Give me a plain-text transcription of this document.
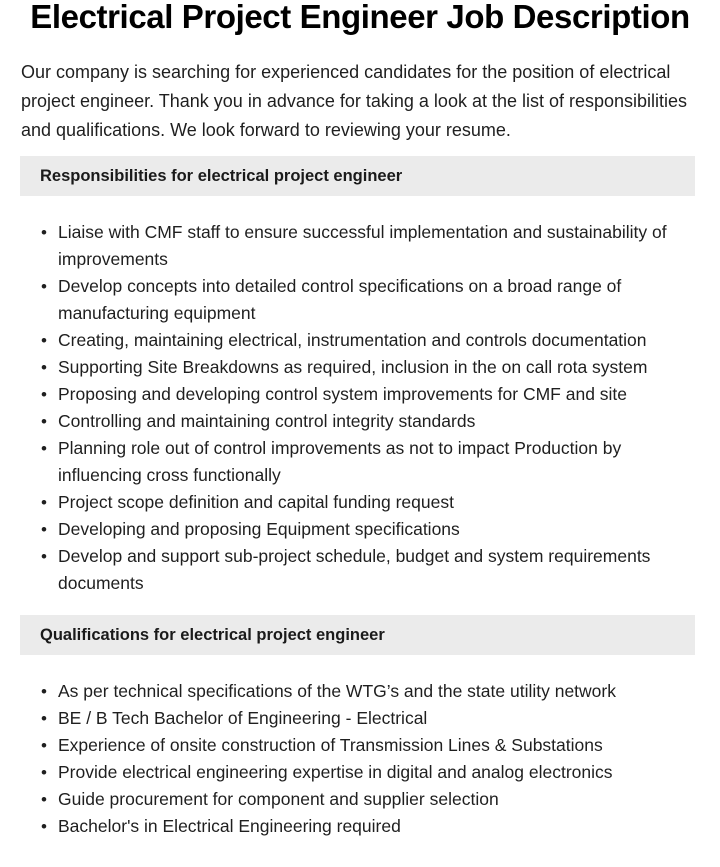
Electrical Project Engineer Job Description

Our company is searching for experienced candidates for the position of electrical project engineer. Thank you in advance for taking a look at the list of responsibilities and qualifications. We look forward to reviewing your resume.

Responsibilities for electrical project engineer
• Liaise with CMF staff to ensure successful implementation and sustainability of improvements
• Develop concepts into detailed control specifications on a broad range of manufacturing equipment
• Creating, maintaining electrical, instrumentation and controls documentation
• Supporting Site Breakdowns as required, inclusion in the on call rota system
• Proposing and developing control system improvements for CMF and site
• Controlling and maintaining control integrity standards
• Planning role out of control improvements as not to impact Production by influencing cross functionally
• Project scope definition and capital funding request
• Developing and proposing Equipment specifications
• Develop and support sub-project schedule, budget and system requirements documents
Qualifications for electrical project engineer
• As per technical specifications of the WTG’s and the state utility network
• BE / B Tech Bachelor of Engineering - Electrical
• Experience of onsite construction of Transmission Lines & Substations
• Provide electrical engineering expertise in digital and analog electronics
• Guide procurement for component and supplier selection
• Bachelor's in Electrical Engineering required
